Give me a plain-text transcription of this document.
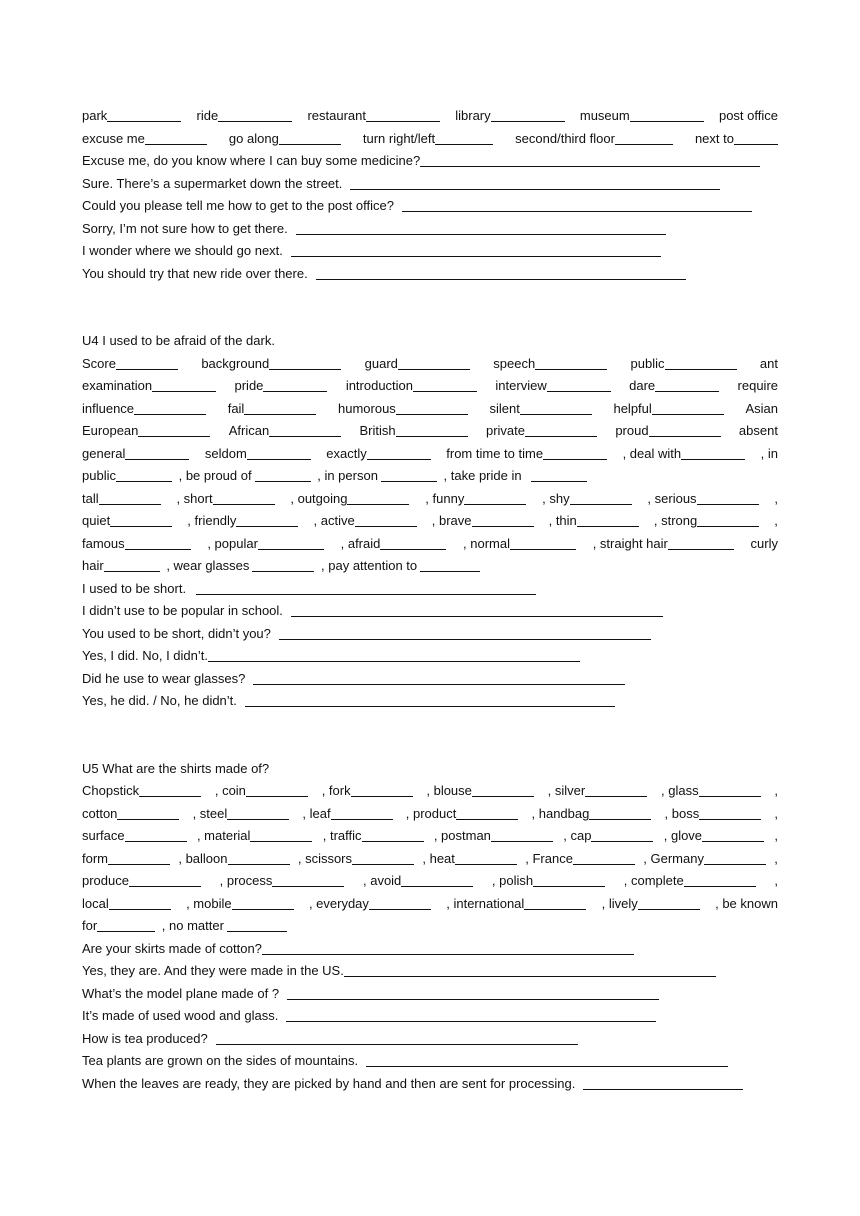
park	ride	restaurant	library	museum	post office
excuse me	go along	turn right/left	second/third floor	next to
Excuse me, do you know where I can buy some medicine?
Sure. There’s a supermarket down the street.
Could you please tell me how to get to the post office?
Sorry, I’m not sure how to get there.
I wonder where we should go next.
You should try that new ride over there.
U4 I used to be afraid of the dark.
Score	background	guard	speech	public	ant
examination	pride	introduction	interview	dare	require
influence	fail	humorous	silent	helpful	Asian
European	African	British	private	proud	absent
general	seldom	exactly	from time to time	, deal with	, in
public	, be proud of	, in person	, take pride in
tall	, short	, outgoing	, funny	, shy	, serious	,
quiet	, friendly	, active	, brave	, thin	, strong	,
famous	, popular	, afraid	, normal	, straight hair	curly
hair	, wear glasses	, pay attention to
I used to be short.
I didn’t use to be popular in school.
You used to be short, didn’t you?
Yes, I did. No, I didn’t.
Did he use to wear glasses?
Yes, he did. / No, he didn’t.
U5 What are the shirts made of?
Chopstick	, coin	, fork	, blouse	, silver	, glass	,
cotton	, steel	, leaf	, product	, handbag	, boss	,
surface	, material	, traffic	, postman	, cap	, glove	,
form	, balloon	, scissors	, heat	, France	, Germany	,
produce	, process	, avoid	, polish	, complete	,
local	, mobile	, everyday	, international	, lively	, be known
for	, no matter
Are your skirts made of cotton?
Yes, they are. And they were made in the US.
What’s the model plane made of ?
It’s made of used wood and glass.
How is tea produced?
Tea plants are grown on the sides of mountains.
When the leaves are ready, they are picked by hand and then are sent for processing.
